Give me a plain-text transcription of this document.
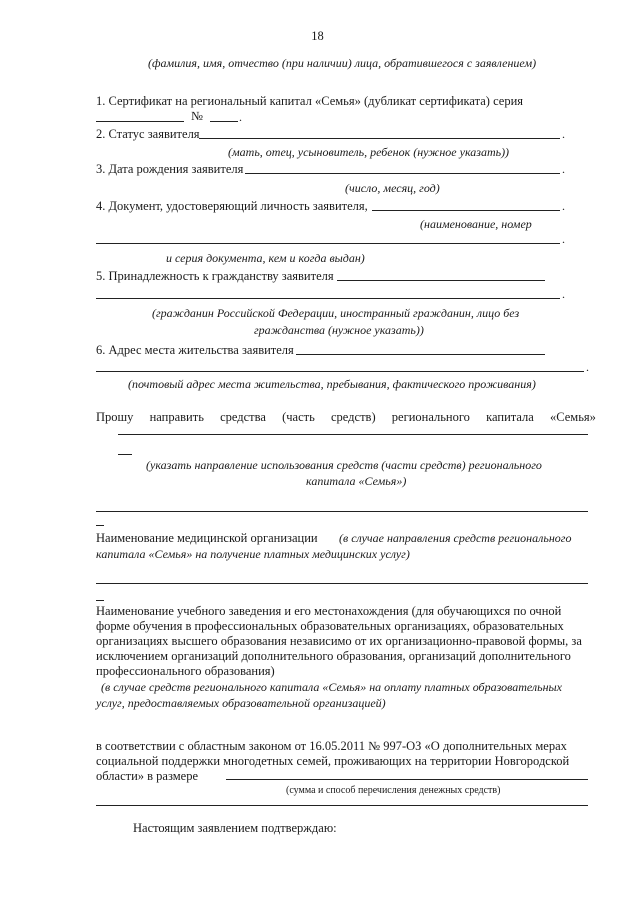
18
(фамилия, имя, отчество (при наличии) лица, обратившегося с заявлением)
1. Сертификат на региональный капитал «Семья» (дубликат сертификата) серия
№	.
2. Статус заявителя	.
(мать, отец, усыновитель, ребенок (нужное указать))
3. Дата рождения заявителя	.
(число, месяц, год)
4. Документ, удостоверяющий личность заявителя,	.
(наименование, номер
.
и серия документа, кем и когда выдан)
5. Принадлежность к гражданству заявителя
.
(гражданин Российской Федерации, иностранный гражданин, лицо без
гражданства (нужное указать))
6. Адрес места жительства заявителя
.
(почтовый адрес места жительства, пребывания, фактического проживания)
Прошу направить средства (часть средств) регионального капитала «Семья»
(указать направление использования средств (части средств) регионального
капитала «Семья»)
Наименование медицинской организации (в случае направления средств регионального
капитала «Семья» на получение платных медицинских услуг)
Наименование учебного заведения и его местонахождения (для обучающихся по очной
форме обучения в профессиональных образовательных организациях, образовательных
организациях высшего образования независимо от их организационно-правовой формы, за
исключением организаций дополнительного образования, организаций дополнительного
профессионального образования)
(в случае средств регионального капитала «Семья» на оплату платных образовательных
услуг, предоставляемых образовательной организацией)
в соответствии с областным законом от 16.05.2011 № 997-ОЗ «О дополнительных мерах
социальной поддержки многодетных семей, проживающих на территории Новгородской
области» в размере
(сумма и способ перечисления денежных средств)
Настоящим заявлением подтверждаю:
